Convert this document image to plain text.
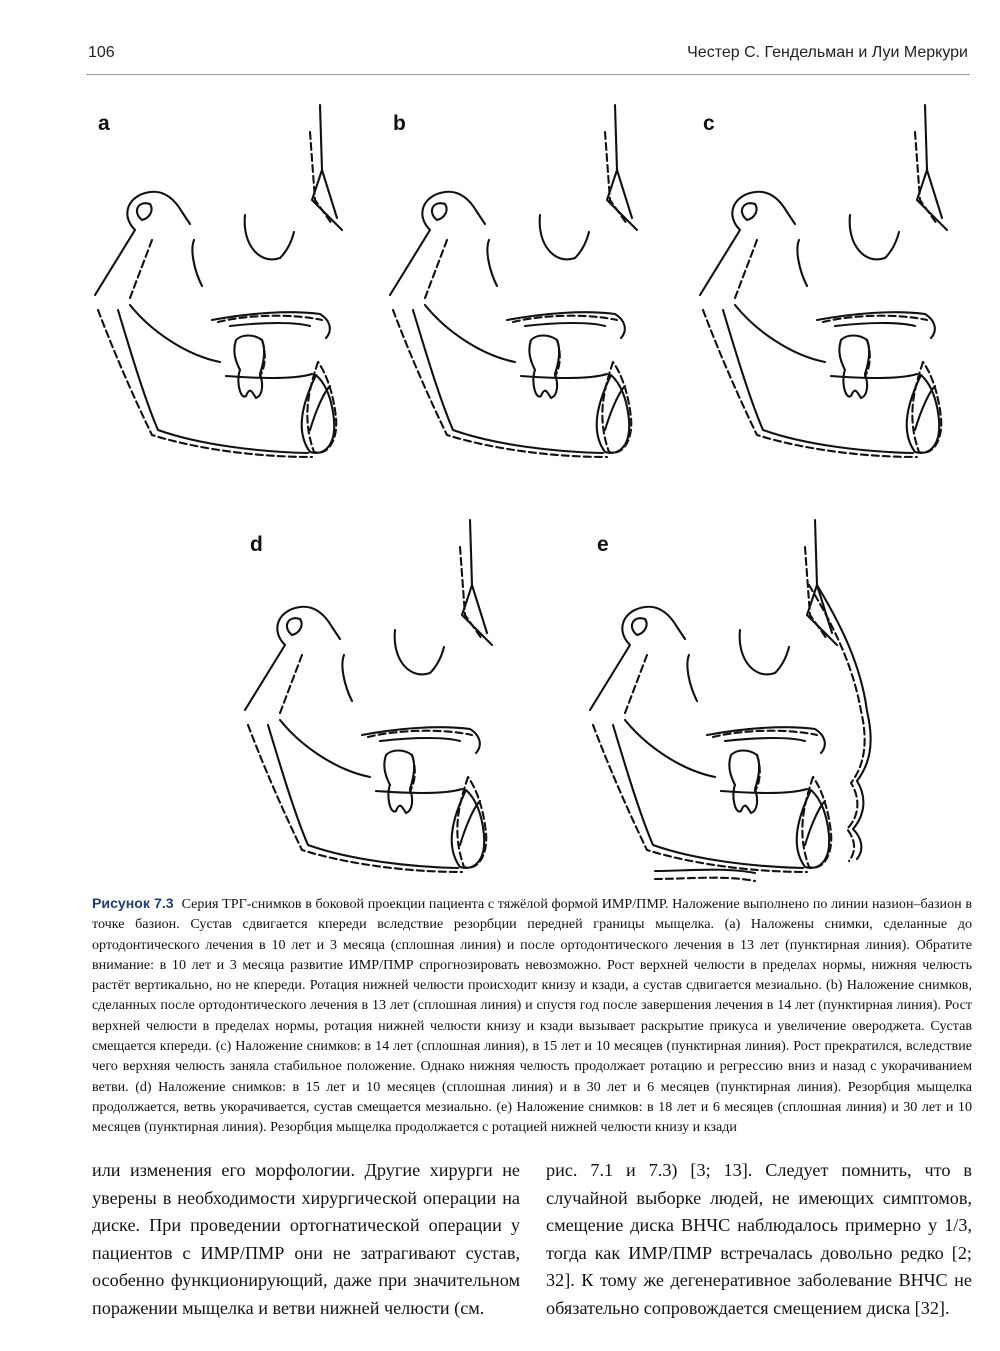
106	Честер С. Гендельман и Луи Меркури
a	b	c
d	e
Рисунок 7.3 Серия ТРГ-снимков в боковой проекции пациента с тяжёлой формой ИМР/ПМР. Наложение выполнено по линии назион–базион в точке базион. Сустав сдвигается кпереди вследствие резорбции передней границы мыщелка. (a) Наложены снимки, сделанные до ортодонтического лечения в 10 лет и 3 месяца (сплошная линия) и после ортодонтического лечения в 13 лет (пунктирная линия). Обратите внимание: в 10 лет и 3 месяца развитие ИМР/ПМР спрогнозировать невозможно. Рост верхней челюсти в пределах нормы, нижняя челюсть растёт вертикально, но не кпереди. Ротация нижней челюсти происходит книзу и кзади, а сустав сдвигается мезиально. (b) Наложение снимков, сделанных после ортодонтического лечения в 13 лет (сплошная линия) и спустя год после завершения лечения в 14 лет (пунктирная линия). Рост верхней челюсти в пределах нормы, ротация нижней челюсти книзу и кзади вызывает раскрытие прикуса и увеличение овероджета. Сустав смещается кпереди. (c) Наложение снимков: в 14 лет (сплошная линия), в 15 лет и 10 месяцев (пунктирная линия). Рост прекратился, вследствие чего верхняя челюсть заняла стабильное положение. Однако нижняя челюсть продолжает ротацию и регрессию вниз и назад с укорачиванием ветви. (d) Наложение снимков: в 15 лет и 10 месяцев (сплошная линия) и в 30 лет и 6 месяцев (пунктирная линия). Резорбция мыщелка продолжается, ветвь укорачивается, сустав смещается мезиально. (e) Наложение снимков: в 18 лет и 6 месяцев (сплошная линия) и 30 лет и 10 месяцев (пунктирная линия). Резорбция мыщелка продолжается с ротацией нижней челюсти книзу и кзади
или изменения его морфологии. Другие хирурги не уверены в необходимости хирургической операции на диске. При проведении ортогнатической операции у пациентов с ИМР/ПМР они не затрагивают сустав, особенно функционирующий, даже при значительном поражении мыщелка и ветви нижней челюсти (см.
рис. 7.1 и 7.3) [3; 13]. Следует помнить, что в случайной выборке людей, не имеющих симптомов, смещение диска ВНЧС наблюдалось примерно у 1/3, тогда как ИМР/ПМР встречалась довольно редко [2; 32]. К тому же дегенеративное заболевание ВНЧС не обязательно сопровождается смещением диска [32].
